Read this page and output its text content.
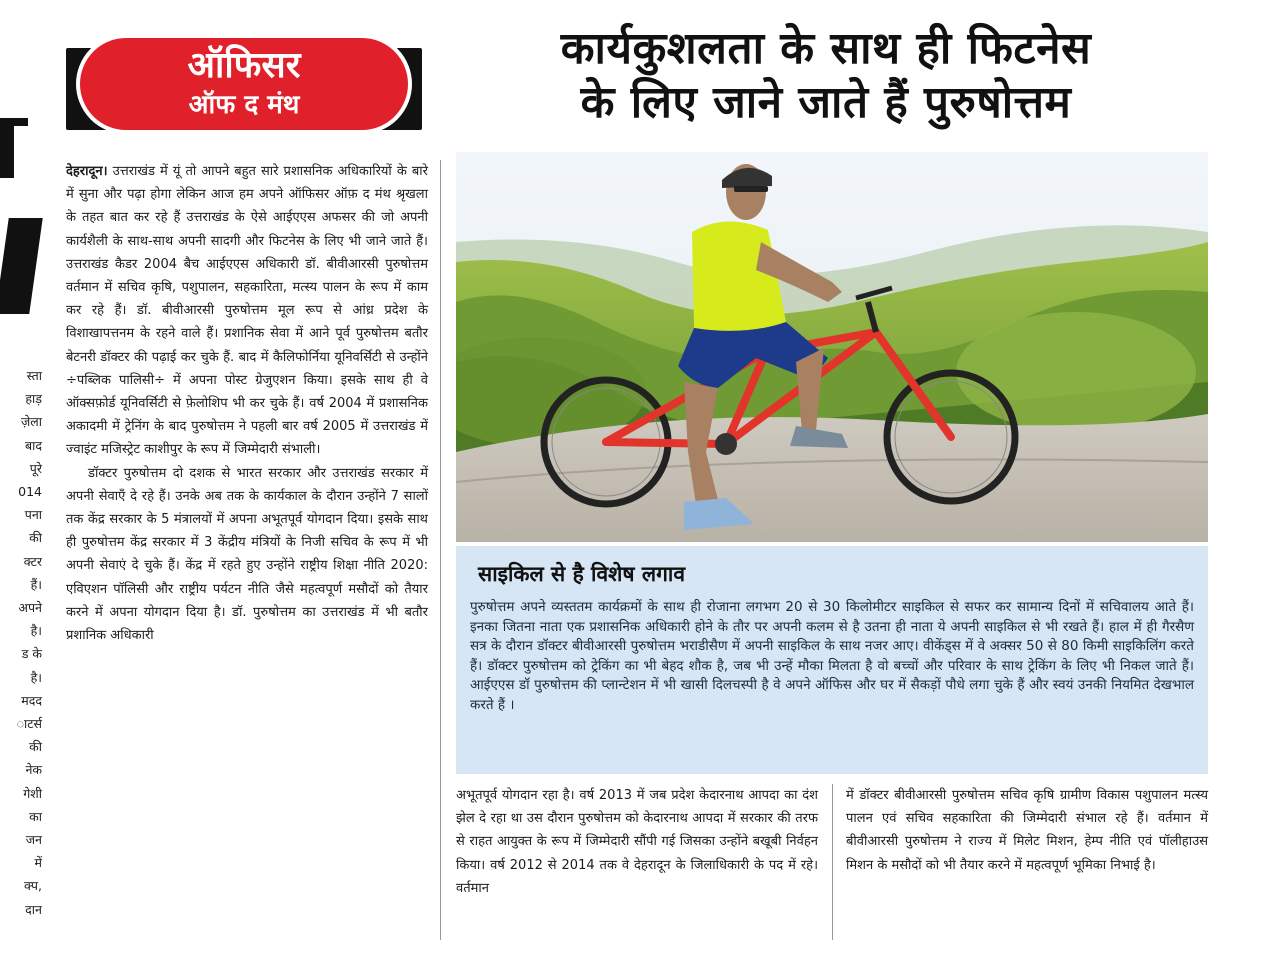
स्ता
हाड़
ज़ेला
बाद
पूरे
014
पना
की
क्टर
हैं।
अपने
है।
ड के
है।
मदद
ाटर्स
की
नेक
गेशी
का
जन
में
क्प,
दान
ऑफिसर
ऑफ द मंथ
कार्यकुशलता के साथ ही फिटनेस
के लिए जाने जाते हैं पुरुषोत्तम

देहरादून। उत्तराखंड में यूं तो आपने बहुत सारे प्रशासनिक अधिकारियों के बारे में सुना और पढ़ा होगा लेकिन आज हम अपने ऑफिसर ऑफ़ द मंथ श्रृखला के तहत बात कर रहे हैं उत्तराखंड के ऐसे आईएएस अफसर की जो अपनी कार्यशैली के साथ-साथ अपनी सादगी और फिटनेस के लिए भी जाने जाते हैं। उत्तराखंड कैडर 2004 बैच आईएएस अधिकारी डॉ. बीवीआरसी पुरुषोत्तम वर्तमान में सचिव कृषि, पशुपालन, सहकारिता, मत्स्य पालन के रूप में काम कर रहे हैं। डॉ. बीवीआरसी पुरुषोत्तम मूल रूप से आंध्र प्रदेश के विशाखापत्तनम के रहने वाले हैं। प्रशानिक सेवा में आने पूर्व पुरुषोत्तम बतौर बेटनरी डॉक्टर की पढ़ाई कर चुके हैं. बाद में कैलिफोर्निया यूनिवर्सिटी से उन्होंने ÷पब्लिक पालिसी÷ में अपना पोस्ट ग्रेजुएशन किया। इसके साथ ही वे ऑक्सफ़ोर्ड यूनिवर्सिटी से फ़ेलोशिप भी कर चुके हैं। वर्ष 2004 में प्रशासनिक अकादमी में ट्रेनिंग के बाद पुरुषोत्तम ने पहली बार वर्ष 2005 में उत्तराखंड में ज्वाइंट मजिस्ट्रेट काशीपुर के रूप में जिम्मेदारी संभाली।

डॉक्टर पुरुषोत्तम दो दशक से भारत सरकार और उत्तराखंड सरकार में अपनी सेवाएँ दे रहे हैं। उनके अब तक के कार्यकाल के दौरान उन्होंने 7 सालों तक केंद्र सरकार के 5 मंत्रालयों में अपना अभूतपूर्व योगदान दिया। इसके साथ ही पुरुषोत्तम केंद्र सरकार में 3 केंद्रीय मंत्रियों के निजी सचिव के रूप में भी अपनी सेवाएं दे चुके हैं। केंद्र में रहते हुए उन्होंने राष्ट्रीय शिक्षा नीति 2020: एविएशन पॉलिसी और राष्ट्रीय पर्यटन नीति जैसे महत्वपूर्ण मसौदों को तैयार करने में अपना योगदान दिया है। डॉ. पुरुषोत्तम का उत्तराखंड में भी बतौर प्रशानिक अधिकारी

साइकिल से है विशेष लगाव
पुरुषोत्तम अपने व्यस्ततम कार्यक्रमों के साथ ही रोजाना लगभग 20 से 30 किलोमीटर साइकिल से सफर कर सामान्य दिनों में सचिवालय आते हैं। इनका जितना नाता एक प्रशासनिक अधिकारी होने के तौर पर अपनी कलम से है उतना ही नाता ये अपनी साइकिल से भी रखते हैं। हाल में ही गैरसैण सत्र के दौरान डॉक्टर बीवीआरसी पुरुषोत्तम भराडीसैण में अपनी साइकिल के साथ नजर आए। वीकेंड्स में वे अक्सर 50 से 80 किमी साइकिलिंग करते हैं। डॉक्टर पुरुषोत्तम को ट्रेकिंग का भी बेहद शौक है, जब भी उन्हें मौका मिलता है वो बच्चों और परिवार के साथ ट्रेकिंग के लिए भी निकल जाते हैं। आईएएस डॉ पुरुषोत्तम की प्लान्टेशन में भी खासी दिलचस्पी है वे अपने ऑफिस और घर में सैकड़ों पौधे लगा चुके हैं और स्वयं उनकी नियमित देखभाल करते हैं ।
अभूतपूर्व योगदान रहा है। वर्ष 2013 में जब प्रदेश केदारनाथ आपदा का दंश झेल दे रहा था उस दौरान पुरुषोत्तम को केदारनाथ आपदा में सरकार की तरफ से राहत आयुक्त के रूप में जिम्मेदारी सौंपी गई जिसका उन्होंने बखूबी निर्वहन किया। वर्ष 2012 से 2014 तक वे देहरादून के जिलाधिकारी के पद में रहे। वर्तमान
में डॉक्टर बीवीआरसी पुरुषोत्तम सचिव कृषि ग्रामीण विकास पशुपालन मत्स्य पालन एवं सचिव सहकारिता की जिम्मेदारी संभाल रहे हैं। वर्तमान में बीवीआरसी पुरुषोत्तम ने राज्य में मिलेट मिशन, हेम्प नीति एवं पॉलीहाउस मिशन के मसौदों को भी तैयार करने में महत्वपूर्ण भूमिका निभाई है।
